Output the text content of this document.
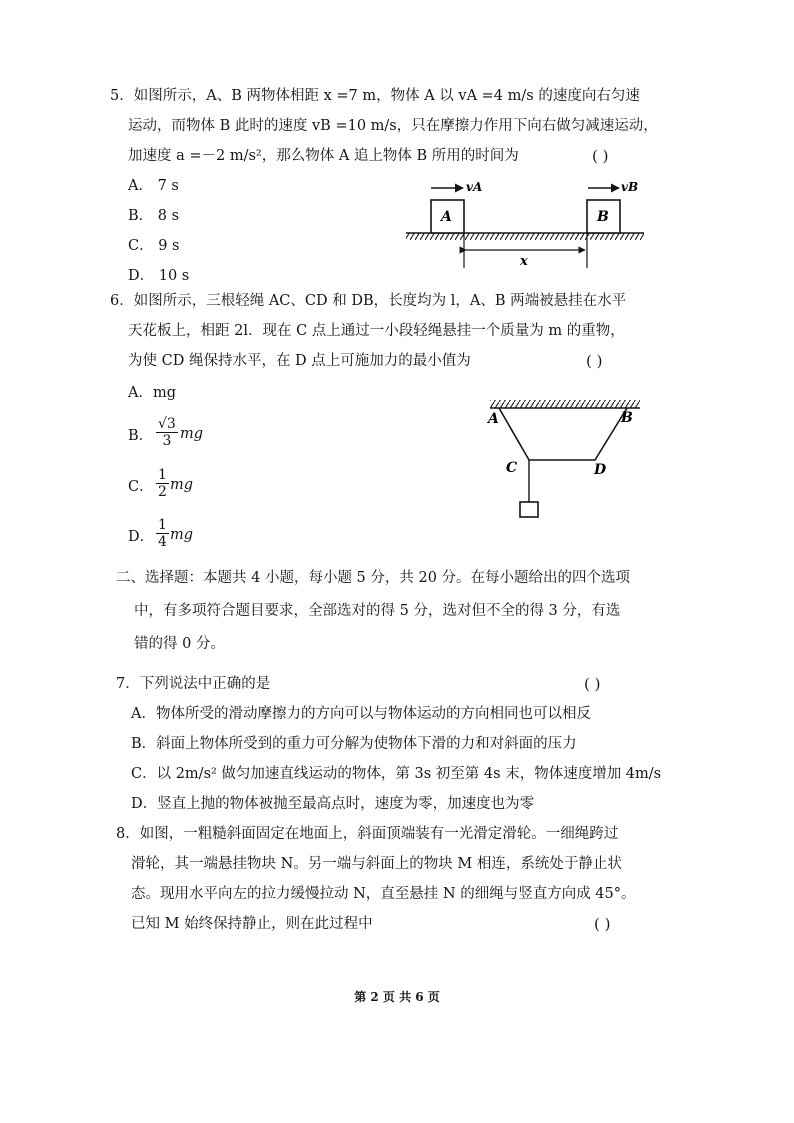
5．如图所示，A、B 两物体相距 x =7 m，物体 A 以 vA =4 m/s 的速度向右匀速
运动，而物体 B 此时的速度 vB =10 m/s，只在摩擦力作用下向右做匀减速运动，
加速度 a =－2 m/s²，那么物体 A 追上物体 B 所用的时间为	( )
A． 7 s
B． 8 s
C． 9 s
D． 10 s
A	B
vA	vB
x
6．如图所示，三根轻绳 AC、CD 和 DB，长度均为 l，A、B 两端被悬挂在水平
天花板上，相距 2l．现在 C 点上通过一小段轻绳悬挂一个质量为 m 的重物，
为使 CD 绳保持水平，在 D 点上可施加力的最小值为	( )
A．mg
B． $\frac{√3}{3}$ mg
C． $\frac{1}{2}$ mg
D． $\frac{1}{4}$ mg
A	B
C	D
二、选择题：本题共 4 小题，每小题 5 分，共 20 分。在每小题给出的四个选项
中，有多项符合题目要求，全部选对的得 5 分，选对但不全的得 3 分，有选
错的得 0 分。
7．下列说法中正确的是	( )
A．物体所受的滑动摩擦力的方向可以与物体运动的方向相同也可以相反
B．斜面上物体所受到的重力可分解为使物体下滑的力和对斜面的压力
C．以 2m/s² 做匀加速直线运动的物体，第 3s 初至第 4s 末，物体速度增加 4m/s
D．竖直上抛的物体被抛至最高点时，速度为零，加速度也为零
8．如图，一粗糙斜面固定在地面上，斜面顶端装有一光滑定滑轮。一细绳跨过
滑轮，其一端悬挂物块 N。另一端与斜面上的物块 M 相连，系统处于静止状
态。现用水平向左的拉力缓慢拉动 N，直至悬挂 N 的细绳与竖直方向成 45°。
已知 M 始终保持静止，则在此过程中	( )
第 2 页 共 6 页
